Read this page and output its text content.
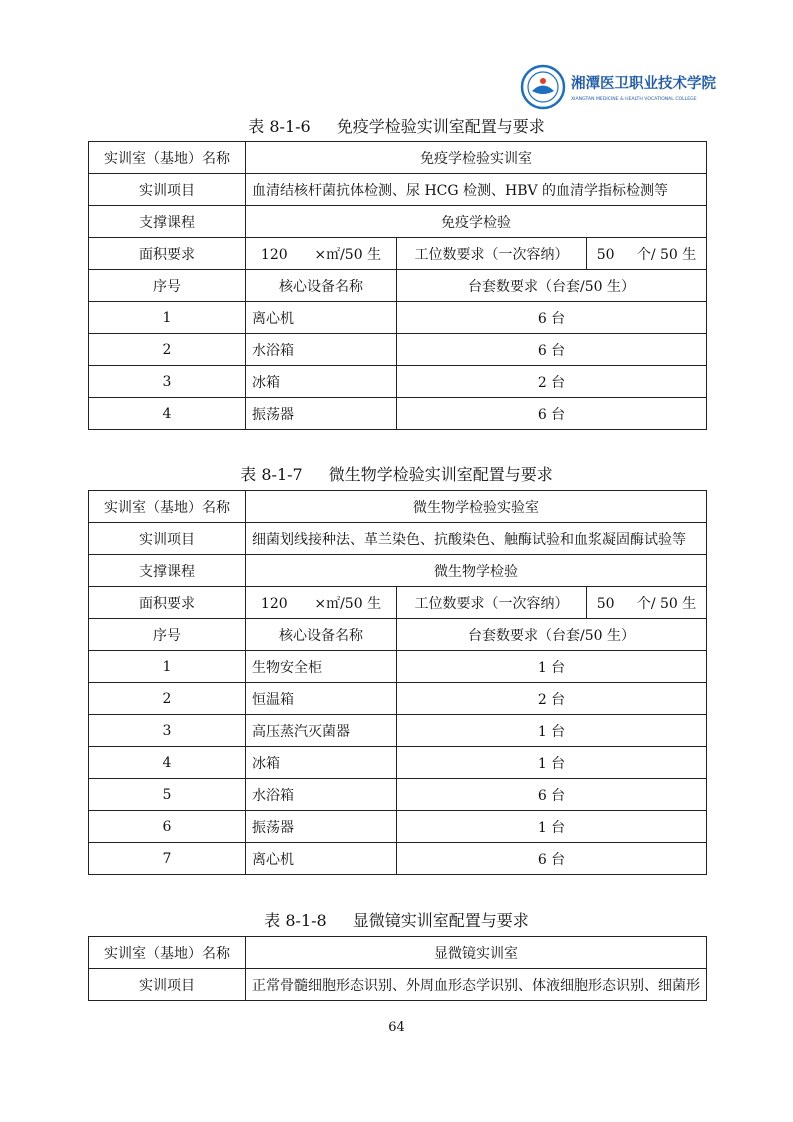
湘潭医卫职业技术学院
XIANGTAN MEDICINE & HEALTH VOCATIONAL COLLEGE
表 8-1-6 免疫学检验实训室配置与要求
实训室（基地）名称	免疫学检验实训室		
实训项目	血清结核杆菌抗体检测、尿 HCG 检测、HBV 的血清学指标检测等		
支撑课程	免疫学检验		
面积要求	120 ×㎡/50 生	工位数要求（一次容纳）	50 个/ 50 生
序号	核心设备名称	台套数要求（台套/50 生）	
1	离心机	6 台	
2	水浴箱	6 台	
3	冰箱	2 台	
4	振荡器	6 台	
表 8-1-7 微生物学检验实训室配置与要求
实训室（基地）名称	微生物学检验实验室		
实训项目	细菌划线接种法、革兰染色、抗酸染色、触酶试验和血浆凝固酶试验等		
支撑课程	微生物学检验		
面积要求	120 ×㎡/50 生	工位数要求（一次容纳）	50 个/ 50 生
序号	核心设备名称	台套数要求（台套/50 生）	
1	生物安全柜	1 台	
2	恒温箱	2 台	
3	高压蒸汽灭菌器	1 台	
4	冰箱	1 台	
5	水浴箱	6 台	
6	振荡器	1 台	
7	离心机	6 台	
表 8-1-8 显微镜实训室配置与要求
实训室（基地）名称	显微镜实训室
实训项目	正常骨髓细胞形态识别、外周血形态学识别、体液细胞形态识别、细菌形
64
